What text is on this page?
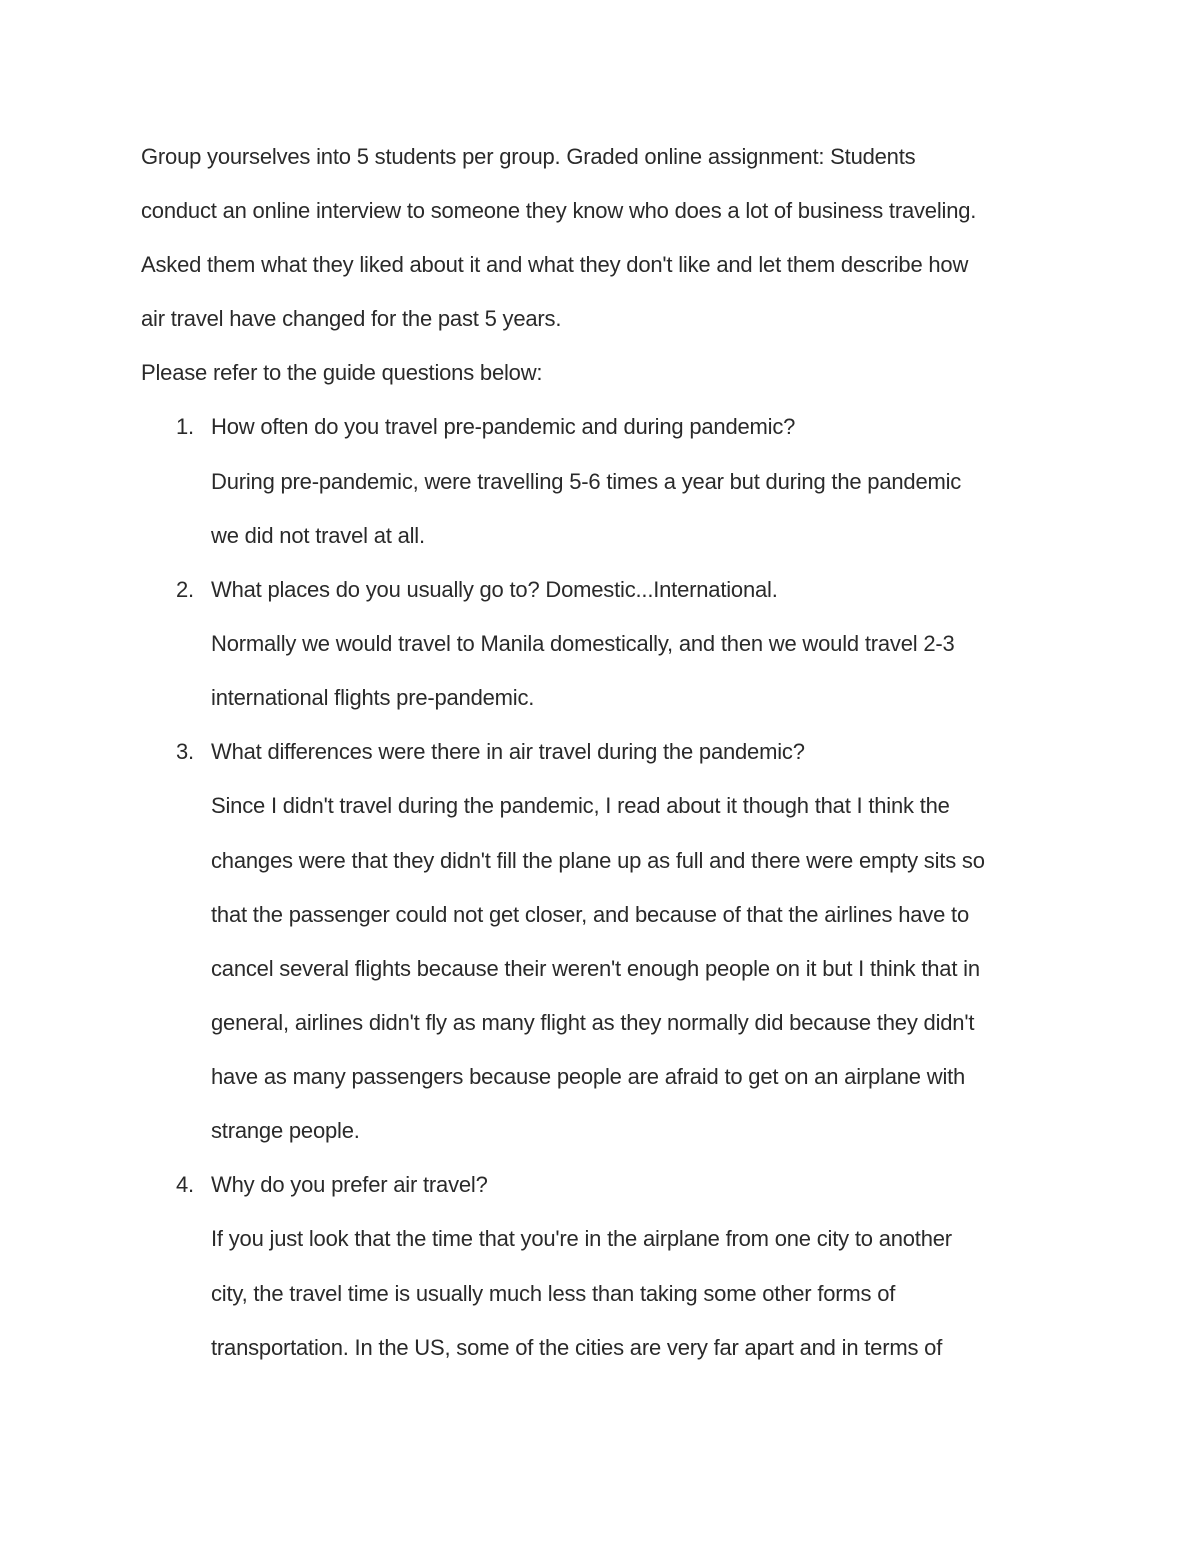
Group yourselves into 5 students per group. Graded online assignment: Students
conduct an online interview to someone they know who does a lot of business traveling.
Asked them what they liked about it and what they don't like and let them describe how
air travel have changed for the past 5 years.
Please refer to the guide questions below:
1. How often do you travel pre-pandemic and during pandemic?
During pre-pandemic, were travelling 5-6 times a year but during the pandemic
we did not travel at all.
2. What places do you usually go to? Domestic...International.
Normally we would travel to Manila domestically, and then we would travel 2-3
international flights pre-pandemic.
3. What differences were there in air travel during the pandemic?
Since I didn't travel during the pandemic, I read about it though that I think the
changes were that they didn't fill the plane up as full and there were empty sits so
that the passenger could not get closer, and because of that the airlines have to
cancel several flights because their weren't enough people on it but I think that in
general, airlines didn't fly as many flight as they normally did because they didn't
have as many passengers because people are afraid to get on an airplane with
strange people.
4. Why do you prefer air travel?
If you just look that the time that you're in the airplane from one city to another
city, the travel time is usually much less than taking some other forms of
transportation. In the US, some of the cities are very far apart and in terms of
